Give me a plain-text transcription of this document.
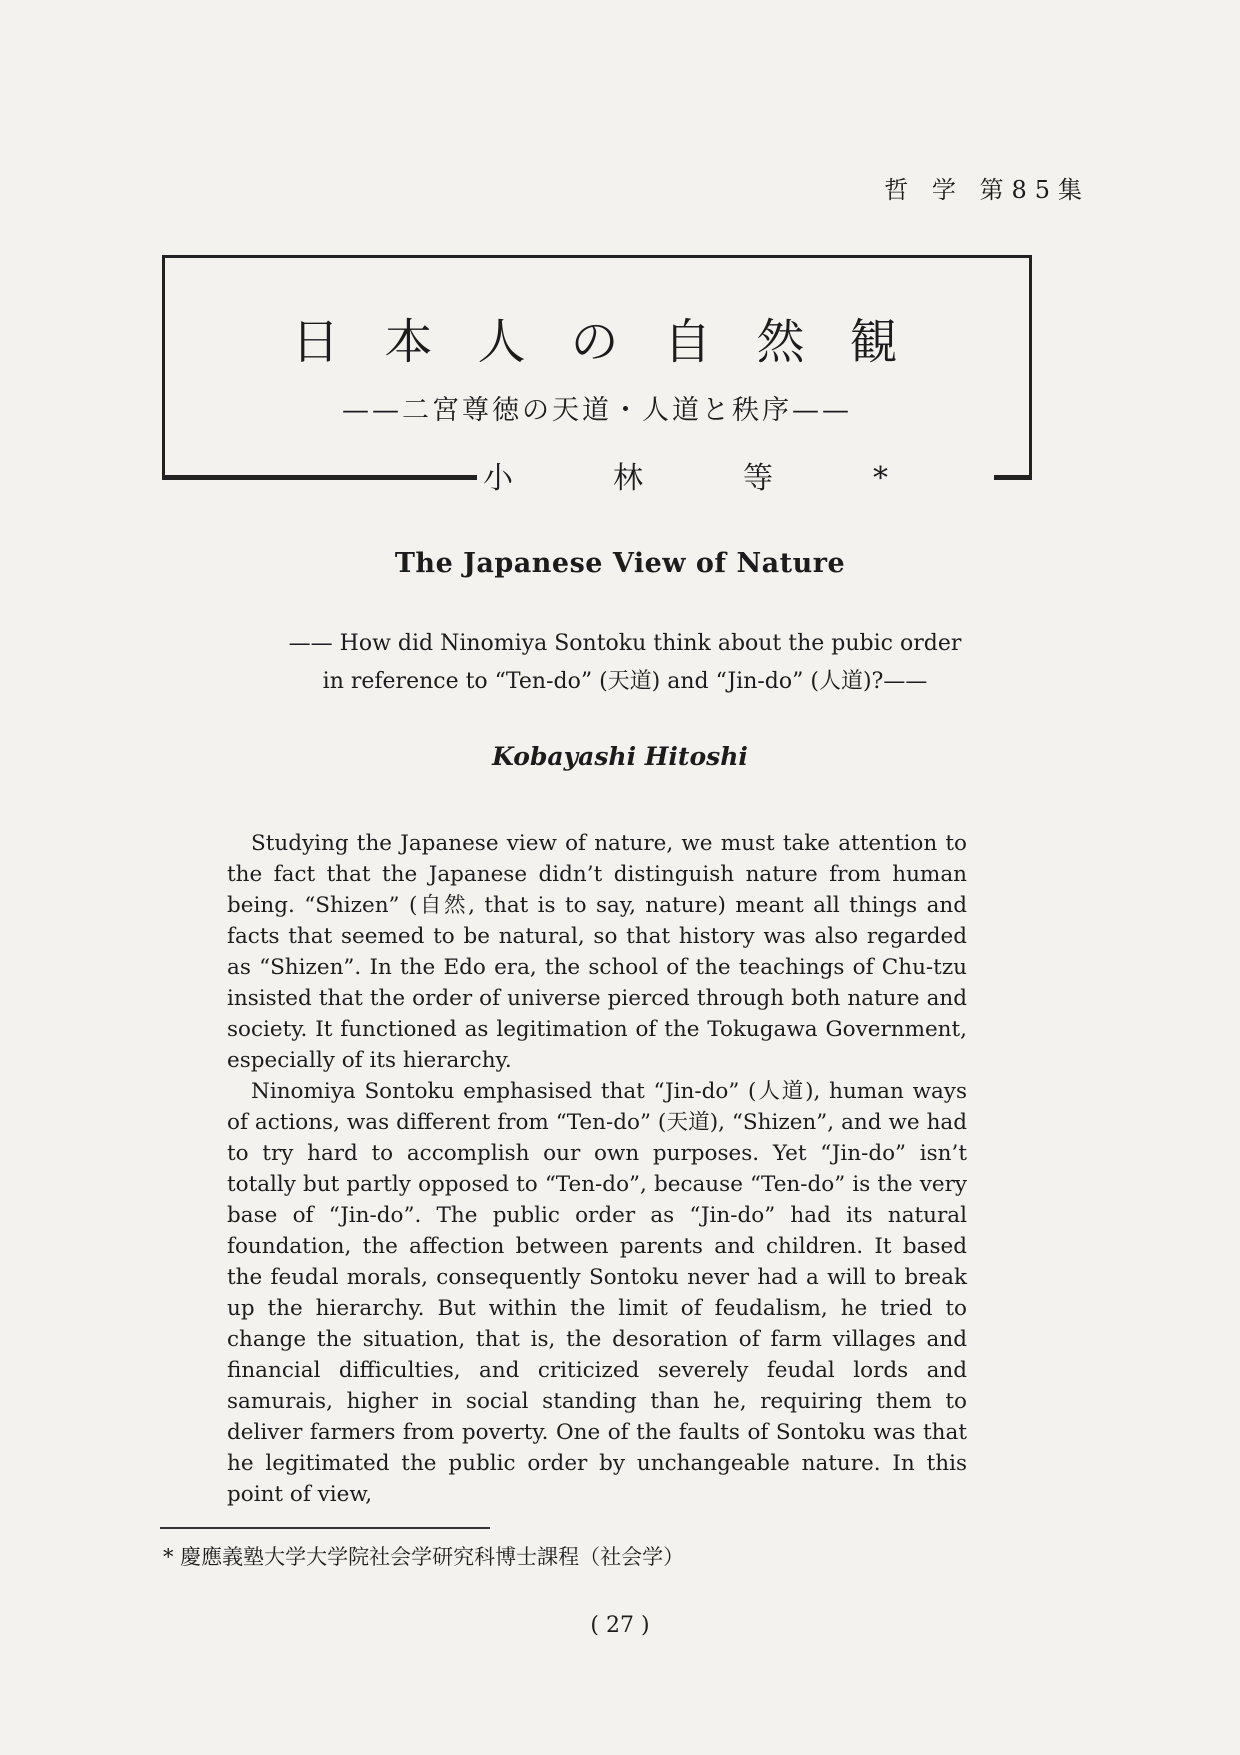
哲 学 第85集
日本人の自然観
——二宮尊徳の天道・人道と秩序——
小林等*
The Japanese View of Nature
—— How did Ninomiya Sontoku think about the pubic order
in reference to “Ten-do” (天道) and “Jin-do” (人道)?——
Kobayashi Hitoshi

Studying the Japanese view of nature, we must take attention to the fact that the Japanese didn’t distinguish nature from human being. “Shizen” (自然, that is to say, nature) meant all things and facts that seemed to be natural, so that history was also regarded as “Shizen”. In the Edo era, the school of the teachings of Chu-tzu insisted that the order of universe pierced through both nature and society. It functioned as legitimation of the Tokugawa Government, especially of its hierarchy.

Ninomiya Sontoku emphasised that “Jin-do” (人道), human ways of actions, was different from “Ten-do” (天道), “Shizen”, and we had to try hard to accomplish our own purposes. Yet “Jin-do” isn’t totally but partly opposed to “Ten-do”, because “Ten-do” is the very base of “Jin-do”. The public order as “Jin-do” had its natural foundation, the affection between parents and children. It based the feudal morals, consequently Sontoku never had a will to break up the hierarchy. But within the limit of feudalism, he tried to change the situation, that is, the desoration of farm villages and financial difficulties, and criticized severely feudal lords and samurais, higher in social standing than he, requiring them to deliver farmers from poverty. One of the faults of Sontoku was that he legitimated the public order by unchangeable nature. In this point of view,

* 慶應義塾大学大学院社会学研究科博士課程（社会学）
( 27 )
